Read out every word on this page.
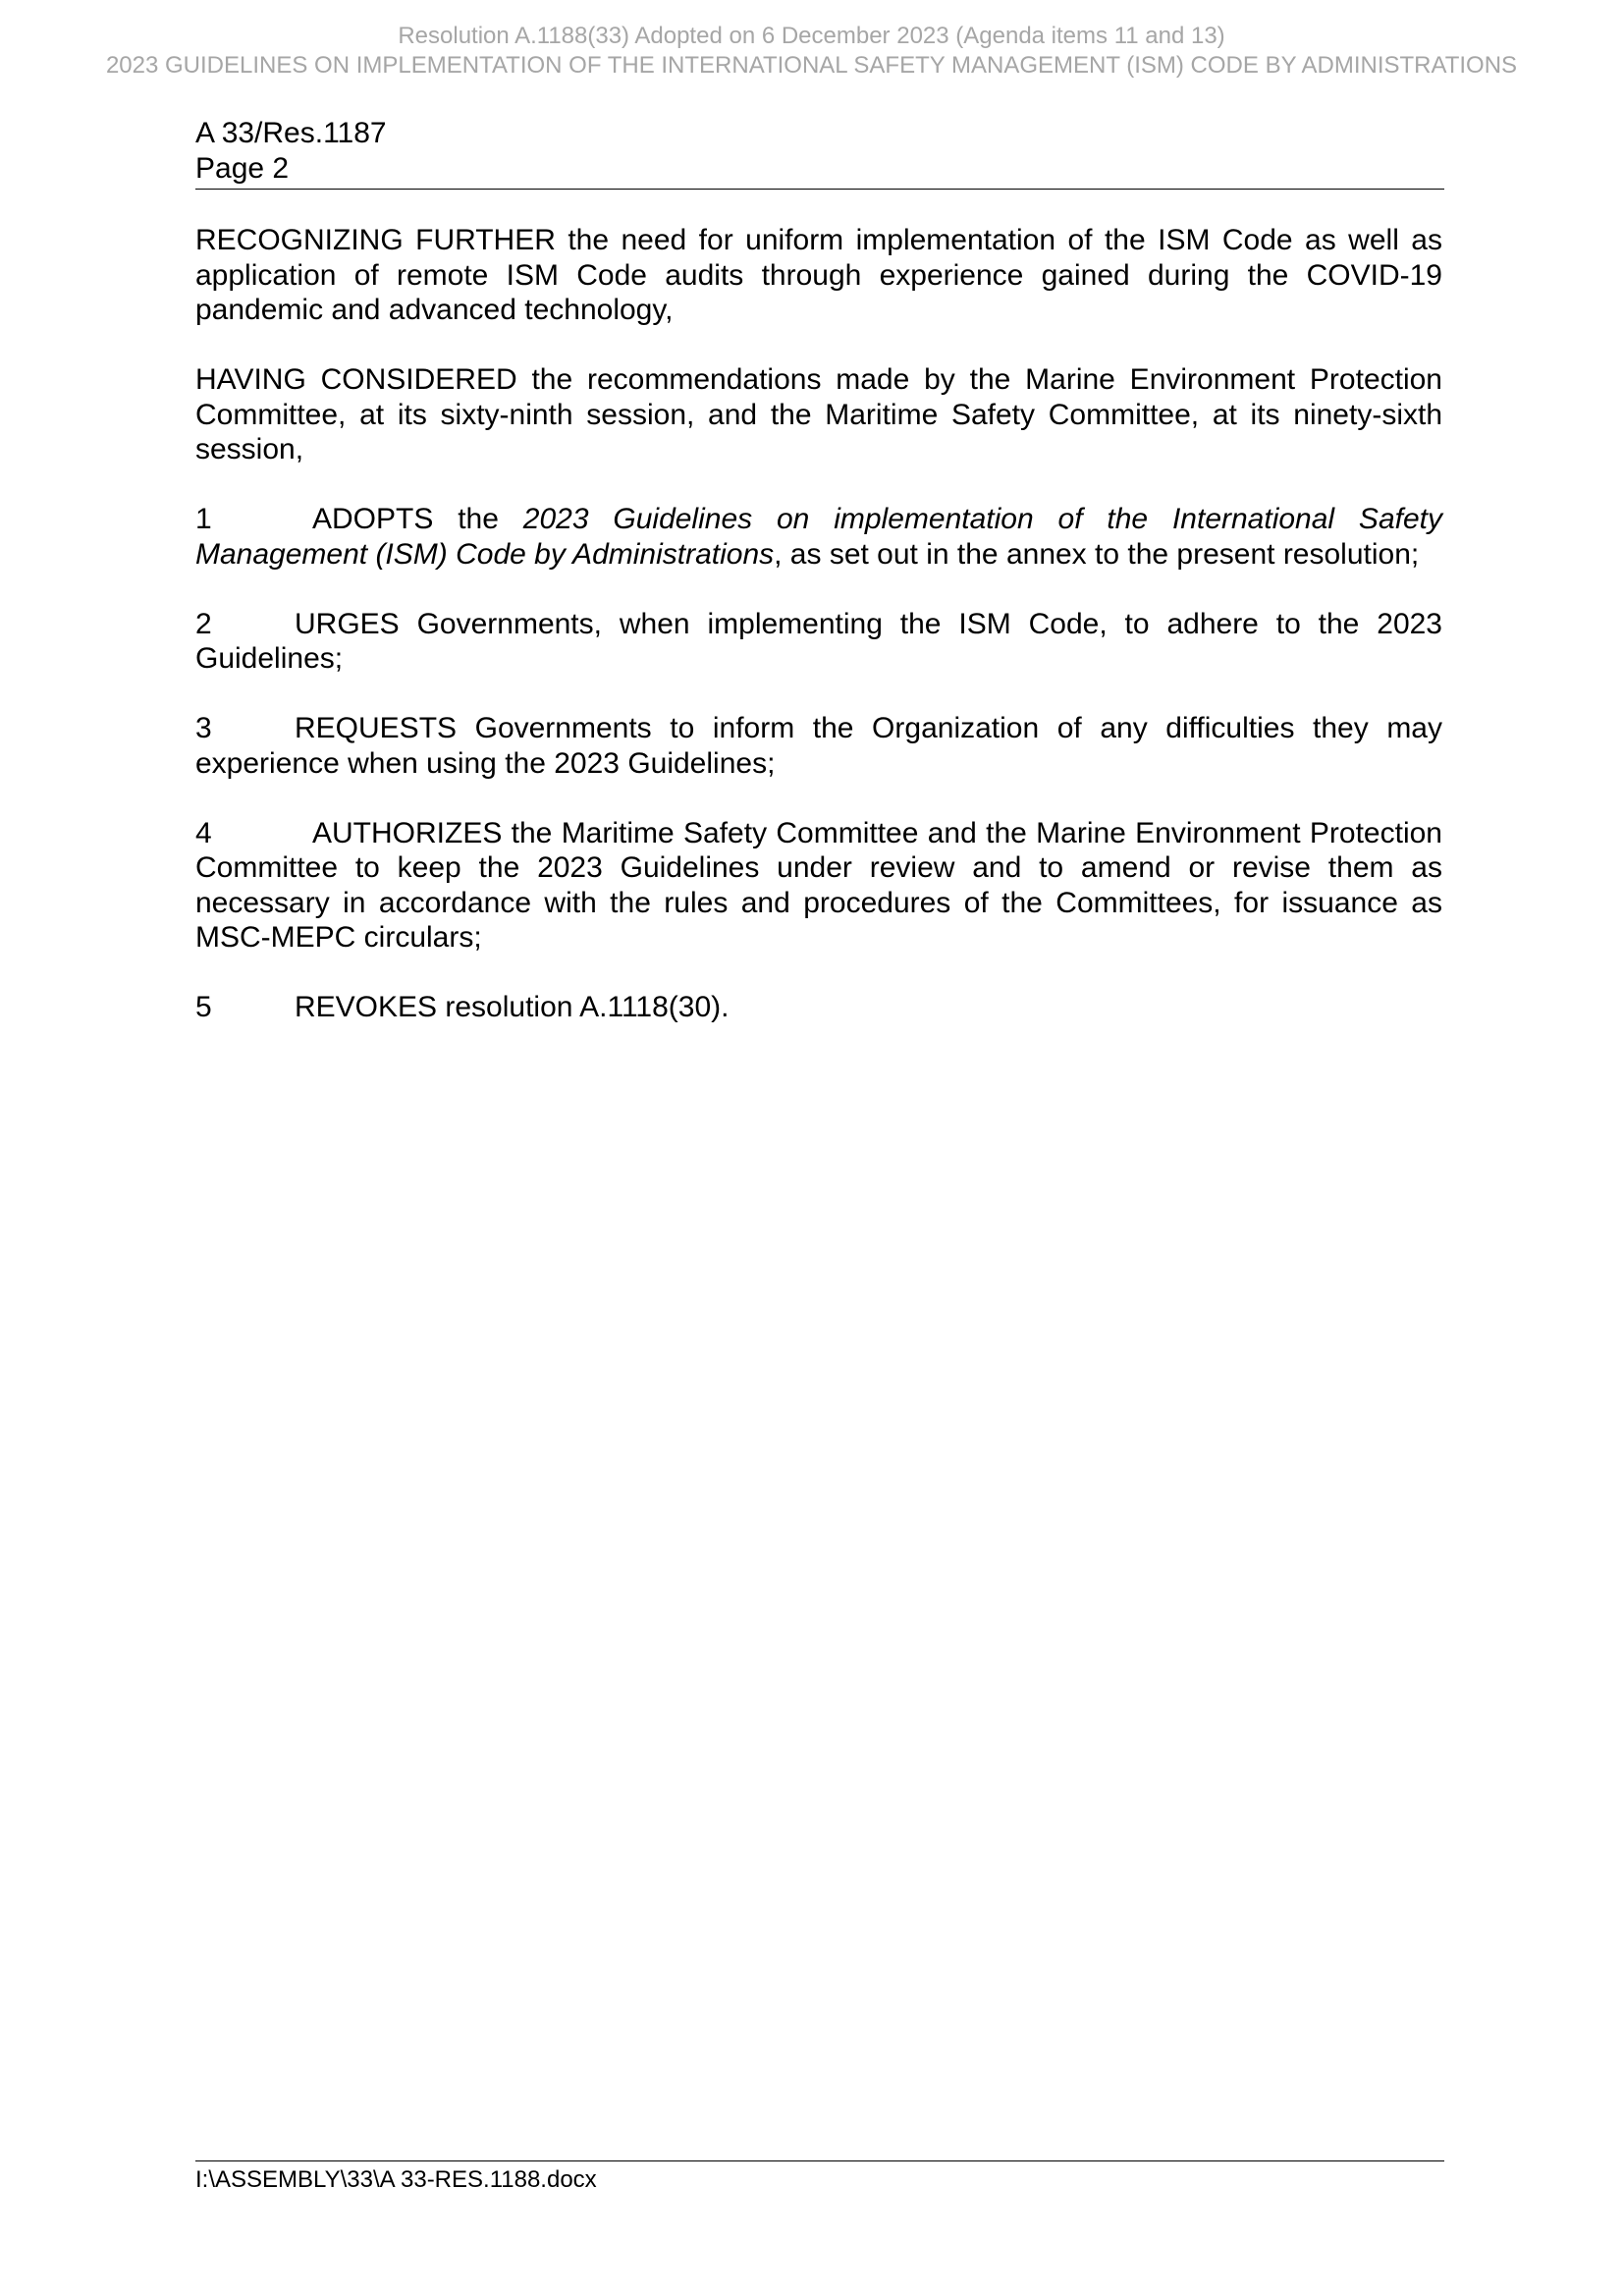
Resolution A.1188(33) Adopted on 6 December 2023 (Agenda items 11 and 13)
2023 GUIDELINES ON IMPLEMENTATION OF THE INTERNATIONAL SAFETY MANAGEMENT (ISM) CODE BY ADMINISTRATIONS
A 33/Res.1187
Page 2

RECOGNIZING FURTHER the need for uniform implementation of the ISM Code as well as application of remote ISM Code audits through experience gained during the COVID-19 pandemic and advanced technology,

HAVING CONSIDERED the recommendations made by the Marine Environment Protection Committee, at its sixty-ninth session, and the Maritime Safety Committee, at its ninety-sixth session,

1	ADOPTS the 2023 Guidelines on implementation of the International Safety Management (ISM) Code by Administrations, as set out in the annex to the present resolution;

2	URGES Governments, when implementing the ISM Code, to adhere to the 2023 Guidelines;

3	REQUESTS Governments to inform the Organization of any difficulties they may experience when using the 2023 Guidelines;

4	AUTHORIZES the Maritime Safety Committee and the Marine Environment Protection Committee to keep the 2023 Guidelines under review and to amend or revise them as necessary in accordance with the rules and procedures of the Committees, for issuance as MSC-MEPC circulars;

5	REVOKES resolution A.1118(30).

I:\ASSEMBLY\33\A 33-RES.1188.docx
